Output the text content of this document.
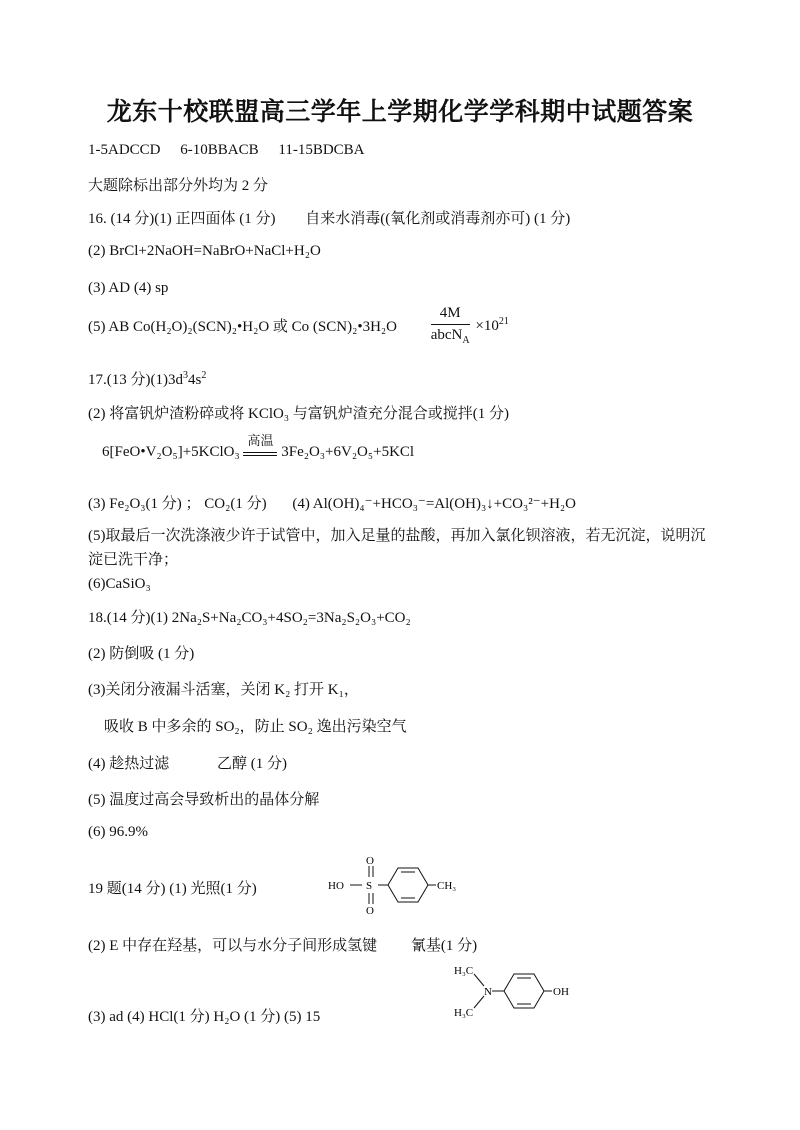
龙东十校联盟高三学年上学期化学学科期中试题答案
1-5ADCCD 6-10BBACB 11-15BDCBA
大题除标出部分外均为 2 分
16. (14 分)(1) 正四面体 (1 分) 自来水消毒((氧化剂或消毒剂亦可) (1 分)
(2) BrCl+2NaOH=NaBrO+NaCl+H₂O
(3) AD (4) sp
(5) AB Co(H₂O)₂(SCN)₂•H₂O 或 Co (SCN)₂•3H₂O $\frac{4M}{abcN_A} \times 10^{21}$
17.(13 分)$(1)3d^34s^2$
(2) 将富钒炉渣粉碎或将 KClO₃ 与富钒炉渣充分混合或搅拌(1 分)
6[FeO•V₂O₅]+5KClO₃
高温
3Fe₂O₃+6V₂O₅+5KCl
(3) Fe₂O₃(1 分) ； CO₂(1 分) (4) Al(OH)₄⁻+HCO₃⁻=Al(OH)₃↓+CO₃²⁻+H₂O
(5)取最后一次洗涤液少许于试管中，加入足量的盐酸，再加入氯化钡溶液，若无沉淀，说明沉淀已洗干净；
(6)CaSiO₃
18.(14 分)(1) 2Na₂S+Na₂CO₃+4SO₂=3Na₂S₂O₃+CO₂
(2) 防倒吸 (1 分)
(3)关闭分液漏斗活塞，关闭 K₂ 打开 K₁，
吸收 B 中多余的 SO₂，防止 SO₂ 逸出污染空气
(4) 趁热过滤	乙醇 (1 分)
(5) 温度过高会导致析出的晶体分解
(6) 96.9%
19 题(14 分) (1) 光照(1 分)	HO S
O
O
CH₃
(2) E 中存在羟基，可以与水分子间形成氢键 氰基(1 分)
H₃C
H₃C
N	OH
(3) ad (4) HCl(1 分) H₂O (1 分) (5) 15
